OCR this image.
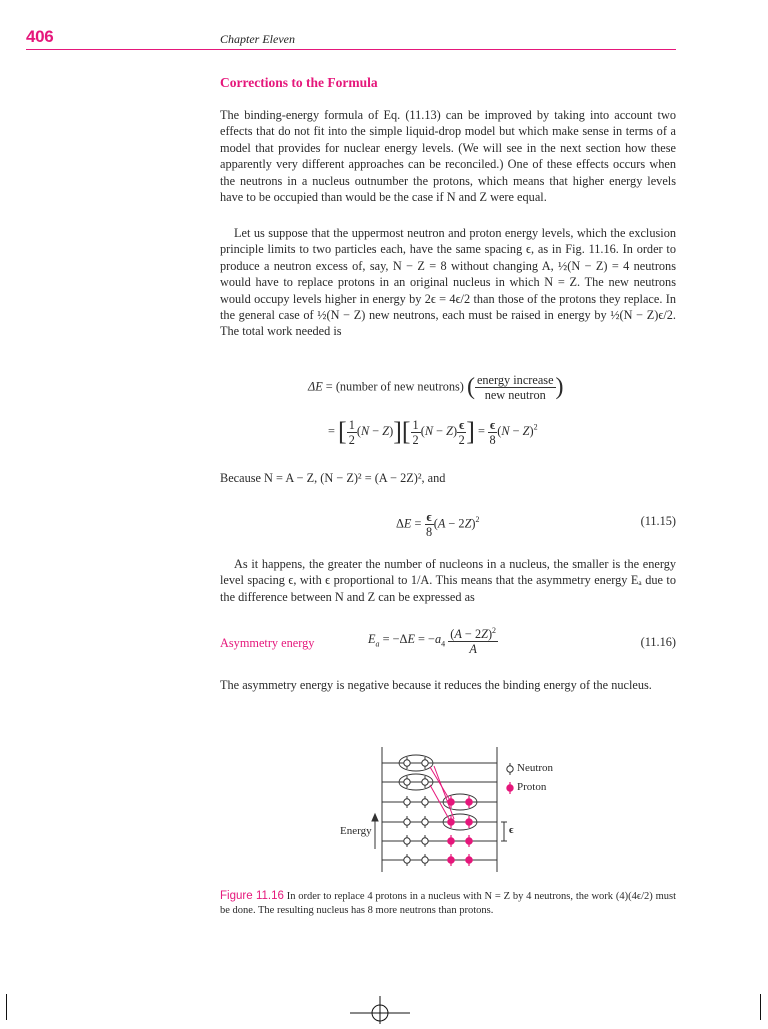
406	Chapter Eleven
Corrections to the Formula

The binding-energy formula of Eq. (11.13) can be improved by taking into account two effects that do not fit into the simple liquid-drop model but which make sense in terms of a model that provides for nuclear energy levels. (We will see in the next section how these apparently very different approaches can be reconciled.) One of these effects occurs when the neutrons in a nucleus outnumber the protons, which means that higher energy levels have to be occupied than would be the case if N and Z were equal.

Let us suppose that the uppermost neutron and proton energy levels, which the exclusion principle limits to two particles each, have the same spacing ϵ, as in Fig. 11.16. In order to produce a neutron excess of, say, N − Z = 8 without changing A, ½(N − Z) = 4 neutrons would have to replace protons in an original nucleus in which N = Z. The new neutrons would occupy levels higher in energy by 2ϵ = 4ϵ/2 than those of the protons they replace. In the general case of ½(N − Z) new neutrons, each must be raised in energy by ½(N − Z)ϵ/2. The total work needed is

ΔE = (number of new neutrons) ( $\frac{\text{energy increase}}{\text{new neutron}}$ )
= [ $\frac{1}{2} (N - Z)][ \frac{1}{2} (N - Z) \frac{\epsilon}{2}$ ] = $\frac{\epsilon}{8} (N - Z)^2$

Because N = A − Z, (N − Z)² = (A − 2Z)², and

$\Delta E = \frac{\epsilon}{8} (A - 2Z)^2$	(11.15)

As it happens, the greater the number of nucleons in a nucleus, the smaller is the energy level spacing ϵ, with ϵ proportional to 1/A. This means that the asymmetry energy Eₐ due to the difference between N and Z can be expressed as

Asymmetry energy	$E_a = -\Delta E = -a_4 \frac{(A - 2Z)^2}{A}$	(11.16)

The asymmetry energy is negative because it reduces the binding energy of the nucleus.

Neutron
Proton
Energy	ϵ

Figure 11.16 In order to replace 4 protons in a nucleus with N = Z by 4 neutrons, the work (4)(4ϵ/2) must be done. The resulting nucleus has 8 more neutrons than protons.
